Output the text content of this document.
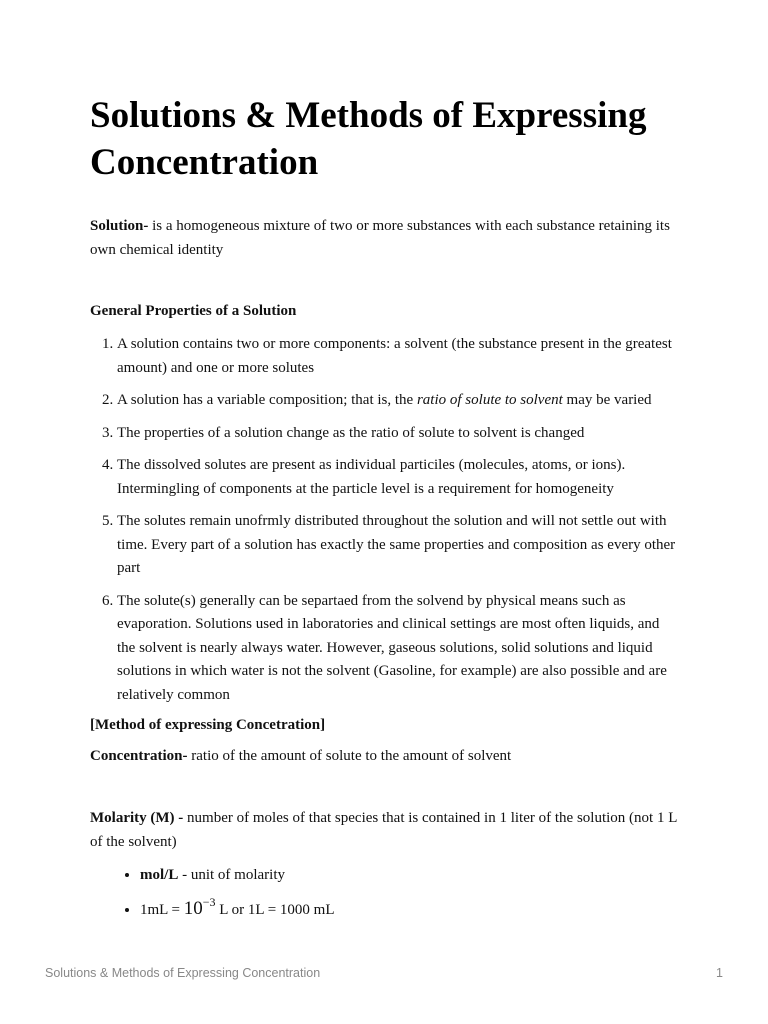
Solutions & Methods of Expressing Concentration

Solution- is a homogeneous mixture of two or more substances with each substance retaining its own chemical identity

General Properties of a Solution

1. A solution contains two or more components: a solvent (the substance present in the greatest amount) and one or more solutes
2. A solution has a variable composition; that is, the ratio of solute to solvent may be varied
3. The properties of a solution change as the ratio of solute to solvent is changed
4. The dissolved solutes are present as individual particiles (molecules, atoms, or ions). Intermingling of components at the particle level is a requirement for homogeneity
5. The solutes remain unofrmly distributed throughout the solution and will not settle out with time. Every part of a solution has exactly the same properties and composition as every other part
6. The solute(s) generally can be separtaed from the solvend by physical means such as evaporation. Solutions used in laboratories and clinical settings are most often liquids, and the solvent is nearly always water. However, gaseous solutions, solid solutions and liquid solutions in which water is not the solvent (Gasoline, for example) are also possible and are relatively common

[Method of expressing Concetration]

Concentration- ratio of the amount of solute to the amount of solvent

Molarity (M) - number of moles of that species that is contained in 1 liter of the solution (not 1 L of the solvent)

• mol/L - unit of molarity
• $1mL = 10^{-3}$ L or 1L = 1000 mL
Solutions & Methods of Expressing Concentration	1
